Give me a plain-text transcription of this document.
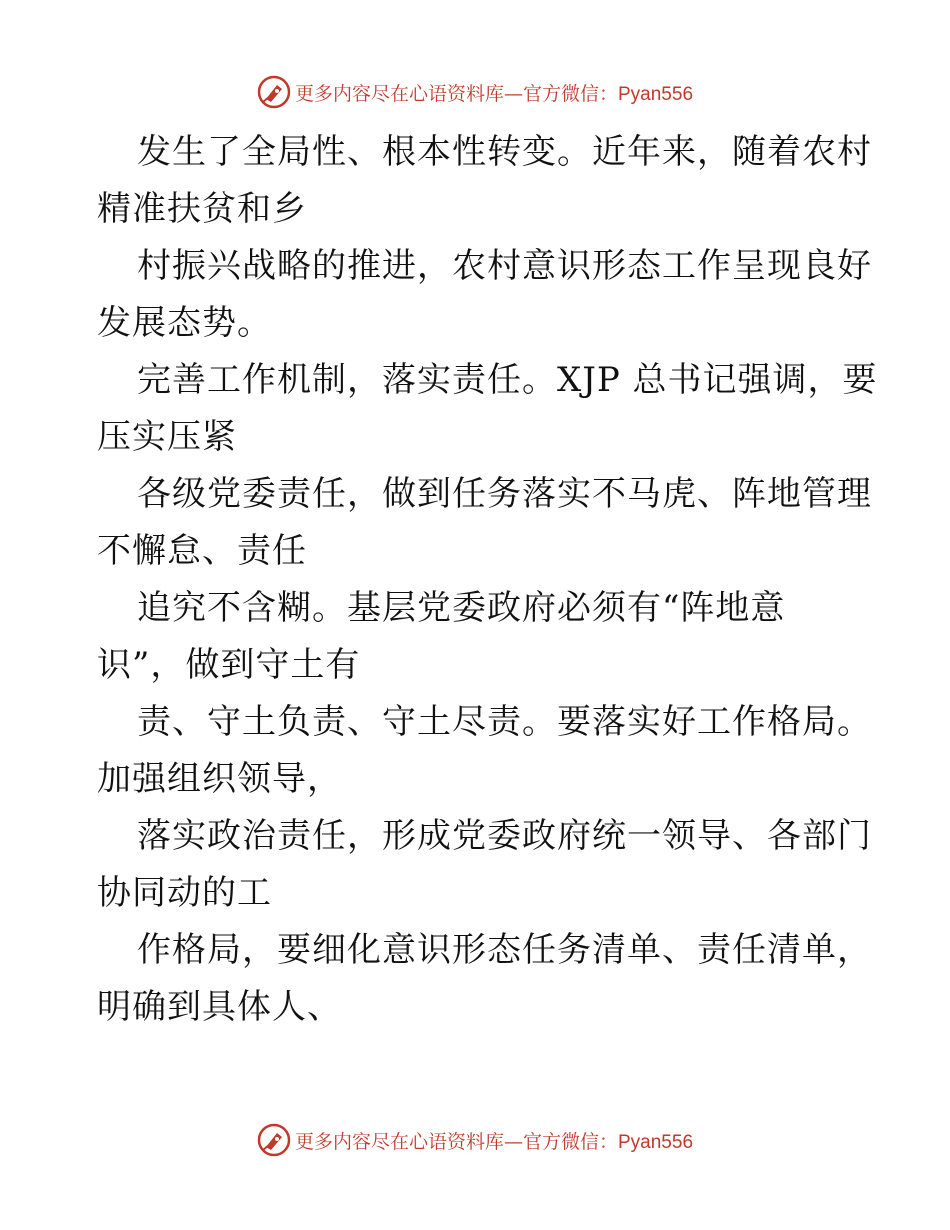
更多内容尽在心语资料库—官方微信：Pyan556
发生了全局性、根本性转变。近年来，随着农村
精准扶贫和乡
村振兴战略的推进，农村意识形态工作呈现良好
发展态势。
完善工作机制，落实责任。XJP 总书记强调，要
压实压紧
各级党委责任，做到任务落实不马虎、阵地管理
不懈怠、责任
追究不含糊。基层党委政府必须有“阵地意
识”，做到守土有
责、守土负责、守土尽责。要落实好工作格局。
加强组织领导，
落实政治责任，形成党委政府统一领导、各部门
协同动的工
作格局，要细化意识形态任务清单、责任清单，
明确到具体人、
更多内容尽在心语资料库—官方微信：Pyan556
